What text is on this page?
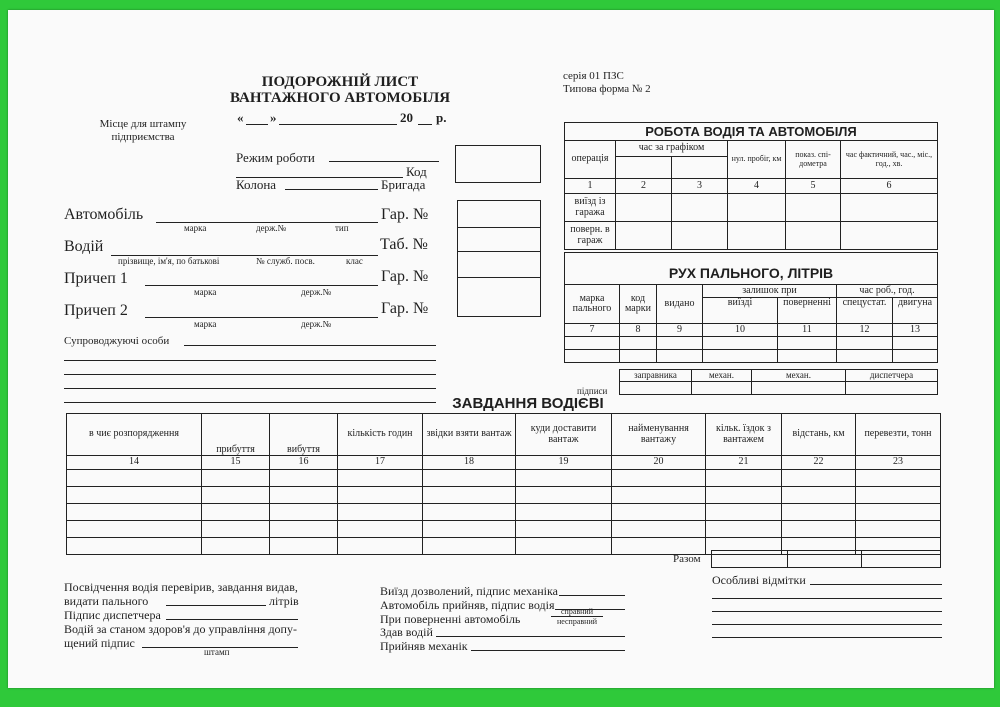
Місце для штампу
підприємства
ПОДОРОЖНІЙ ЛИСТ
ВАНТАЖНОГО АВТОМОБІЛЯ
« »	20 р.
серія 01 ПЗС
Типова форма № 2
Режим роботи
Код
Колона	Бригада
Автомобіль	Гар. №
марка	держ.№	тип
Водій	Таб. №
прізвище, ім'я, по батькові	№ служб. посв.	клас
Причеп 1	Гар. №
марка	держ.№
Причеп 2	Гар. №
марка	держ.№
Супроводжуючі особи
РОБОТА ВОДІЯ ТА АВТОМОБІЛЯ					
операція	час за графіком		нул. пробіг, км	показ. спі-дометра	час фактичний, час., міс., год., хв.

1	2	3	4	5	6
виїзд із гаража					
поверн. в гараж					
РУХ ПАЛЬНОГО, ЛІТРІВ						
марка пального	код марки	видано	залишок при		час роб., год.	
			виїзді	поверненні	спецустат.	двигуна
7	8	9	10	11	12	13

підписи
заправника	механ.	механ.	диспетчера

ЗАВДАННЯ ВОДІЄВІ
в чиє розпорядження	прибуття	вибуття	кількість годин	звідки взяти вантаж	куди доставити вантаж	найменування вантажу	кільк. їздок з вантажем	відстань, км	перевезти, тонн
14	15	16	17	18	19	20	21	22	23

Разом

Посвідчення водія перевірив, завдання видав,
видати пального	літрів
Підпис диспетчера
Водій за станом здоров'я до управління допу-
щений підпис
штамп
Виїзд дозволений, підпис механіка
Автомобіль прийняв, підпис водія
При поверненні автомобіль
справний
несправний
Здав водій
Прийняв механік
Особливі відмітки
